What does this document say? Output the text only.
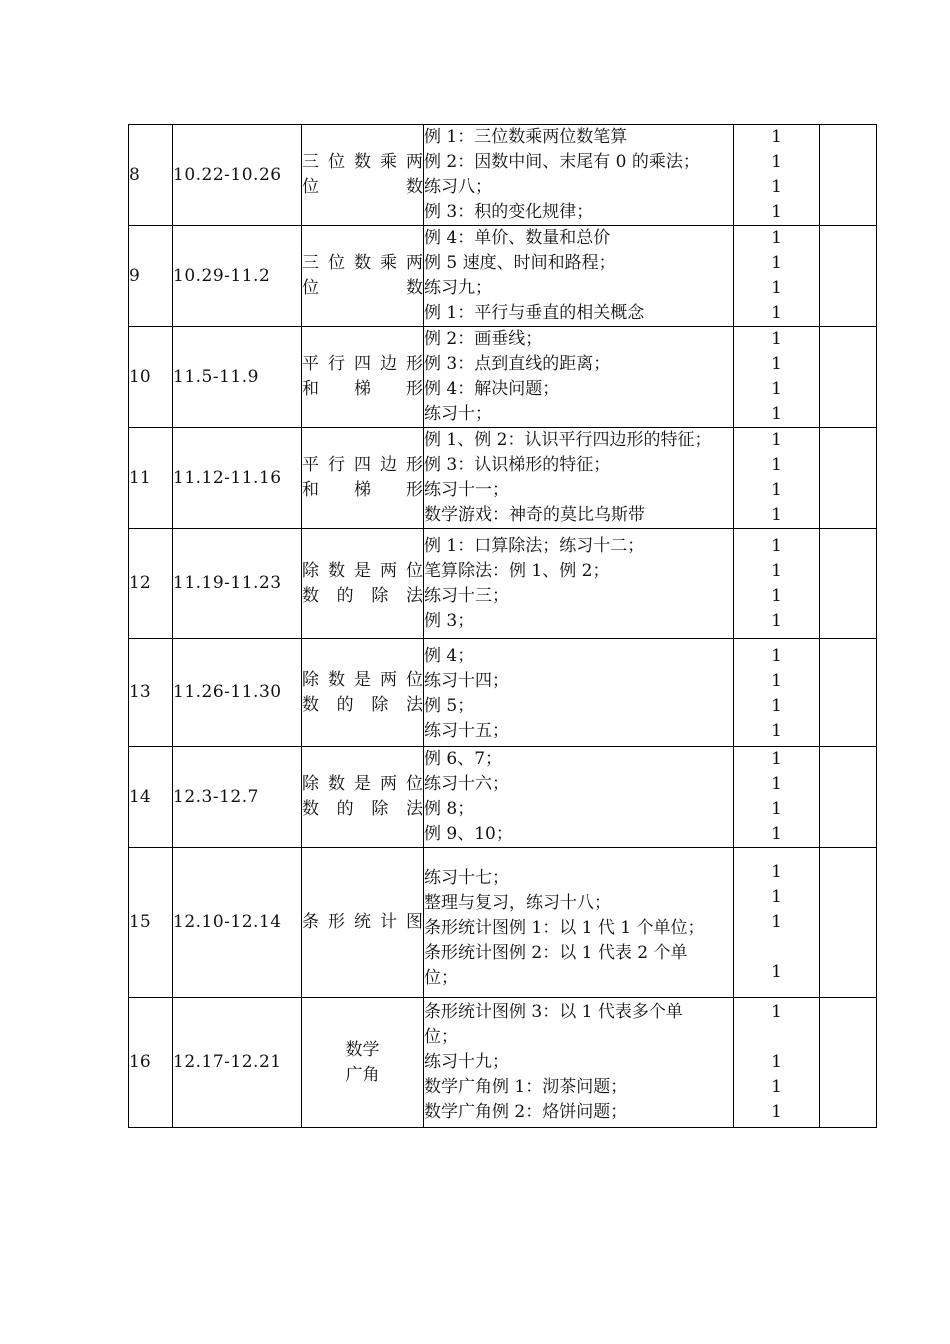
8	10.22-10.26	三位数乘两
位数	例 1：三位数乘两位数笔算
例 2：因数中间、末尾有 0 的乘法；
练习八；
例 3：积的变化规律；	1
1
1
1	

9	10.29-11.2	三位数乘两
位数	例 4：单价、数量和总价
例 5 速度、时间和路程；
练习九；
例 1：平行与垂直的相关概念	1
1
1
1	

10	11.5-11.9	平行四边形
和梯形	例 2：画垂线；
例 3：点到直线的距离；
例 4：解决问题；
练习十；	1
1
1
1	

11	11.12-11.16	平行四边形
和梯形	例 1、例 2：认识平行四边形的特征；
例 3：认识梯形的特征；
练习十一；
数学游戏：神奇的莫比乌斯带	1
1
1
1	

12	11.19-11.23	除数是两位
数的除法	例 1：口算除法；练习十二；
笔算除法：例 1、例 2；
练习十三；
例 3；	1
1
1
1	

13	11.26-11.30	除数是两位
数的除法	例 4；
练习十四；
例 5；
练习十五；	1
1
1
1	

14	12.3-12.7	除数是两位
数的除法	例 6、7；
练习十六；
例 8；
例 9、10；	1
1
1
1	

15	12.10-12.14	条形统计图	练习十七；
整理与复习，练习十八；
条形统计图例 1：以 1 代 1 个单位；
条形统计图例 2：以 1 代表 2 个单
位；	1
1
1
1	

16	12.17-12.21	数学
广角	条形统计图例 3：以 1 代表多个单
位；
练习十九；
数学广角例 1：沏茶问题；
数学广角例 2：烙饼问题；	1
1
1
1	
